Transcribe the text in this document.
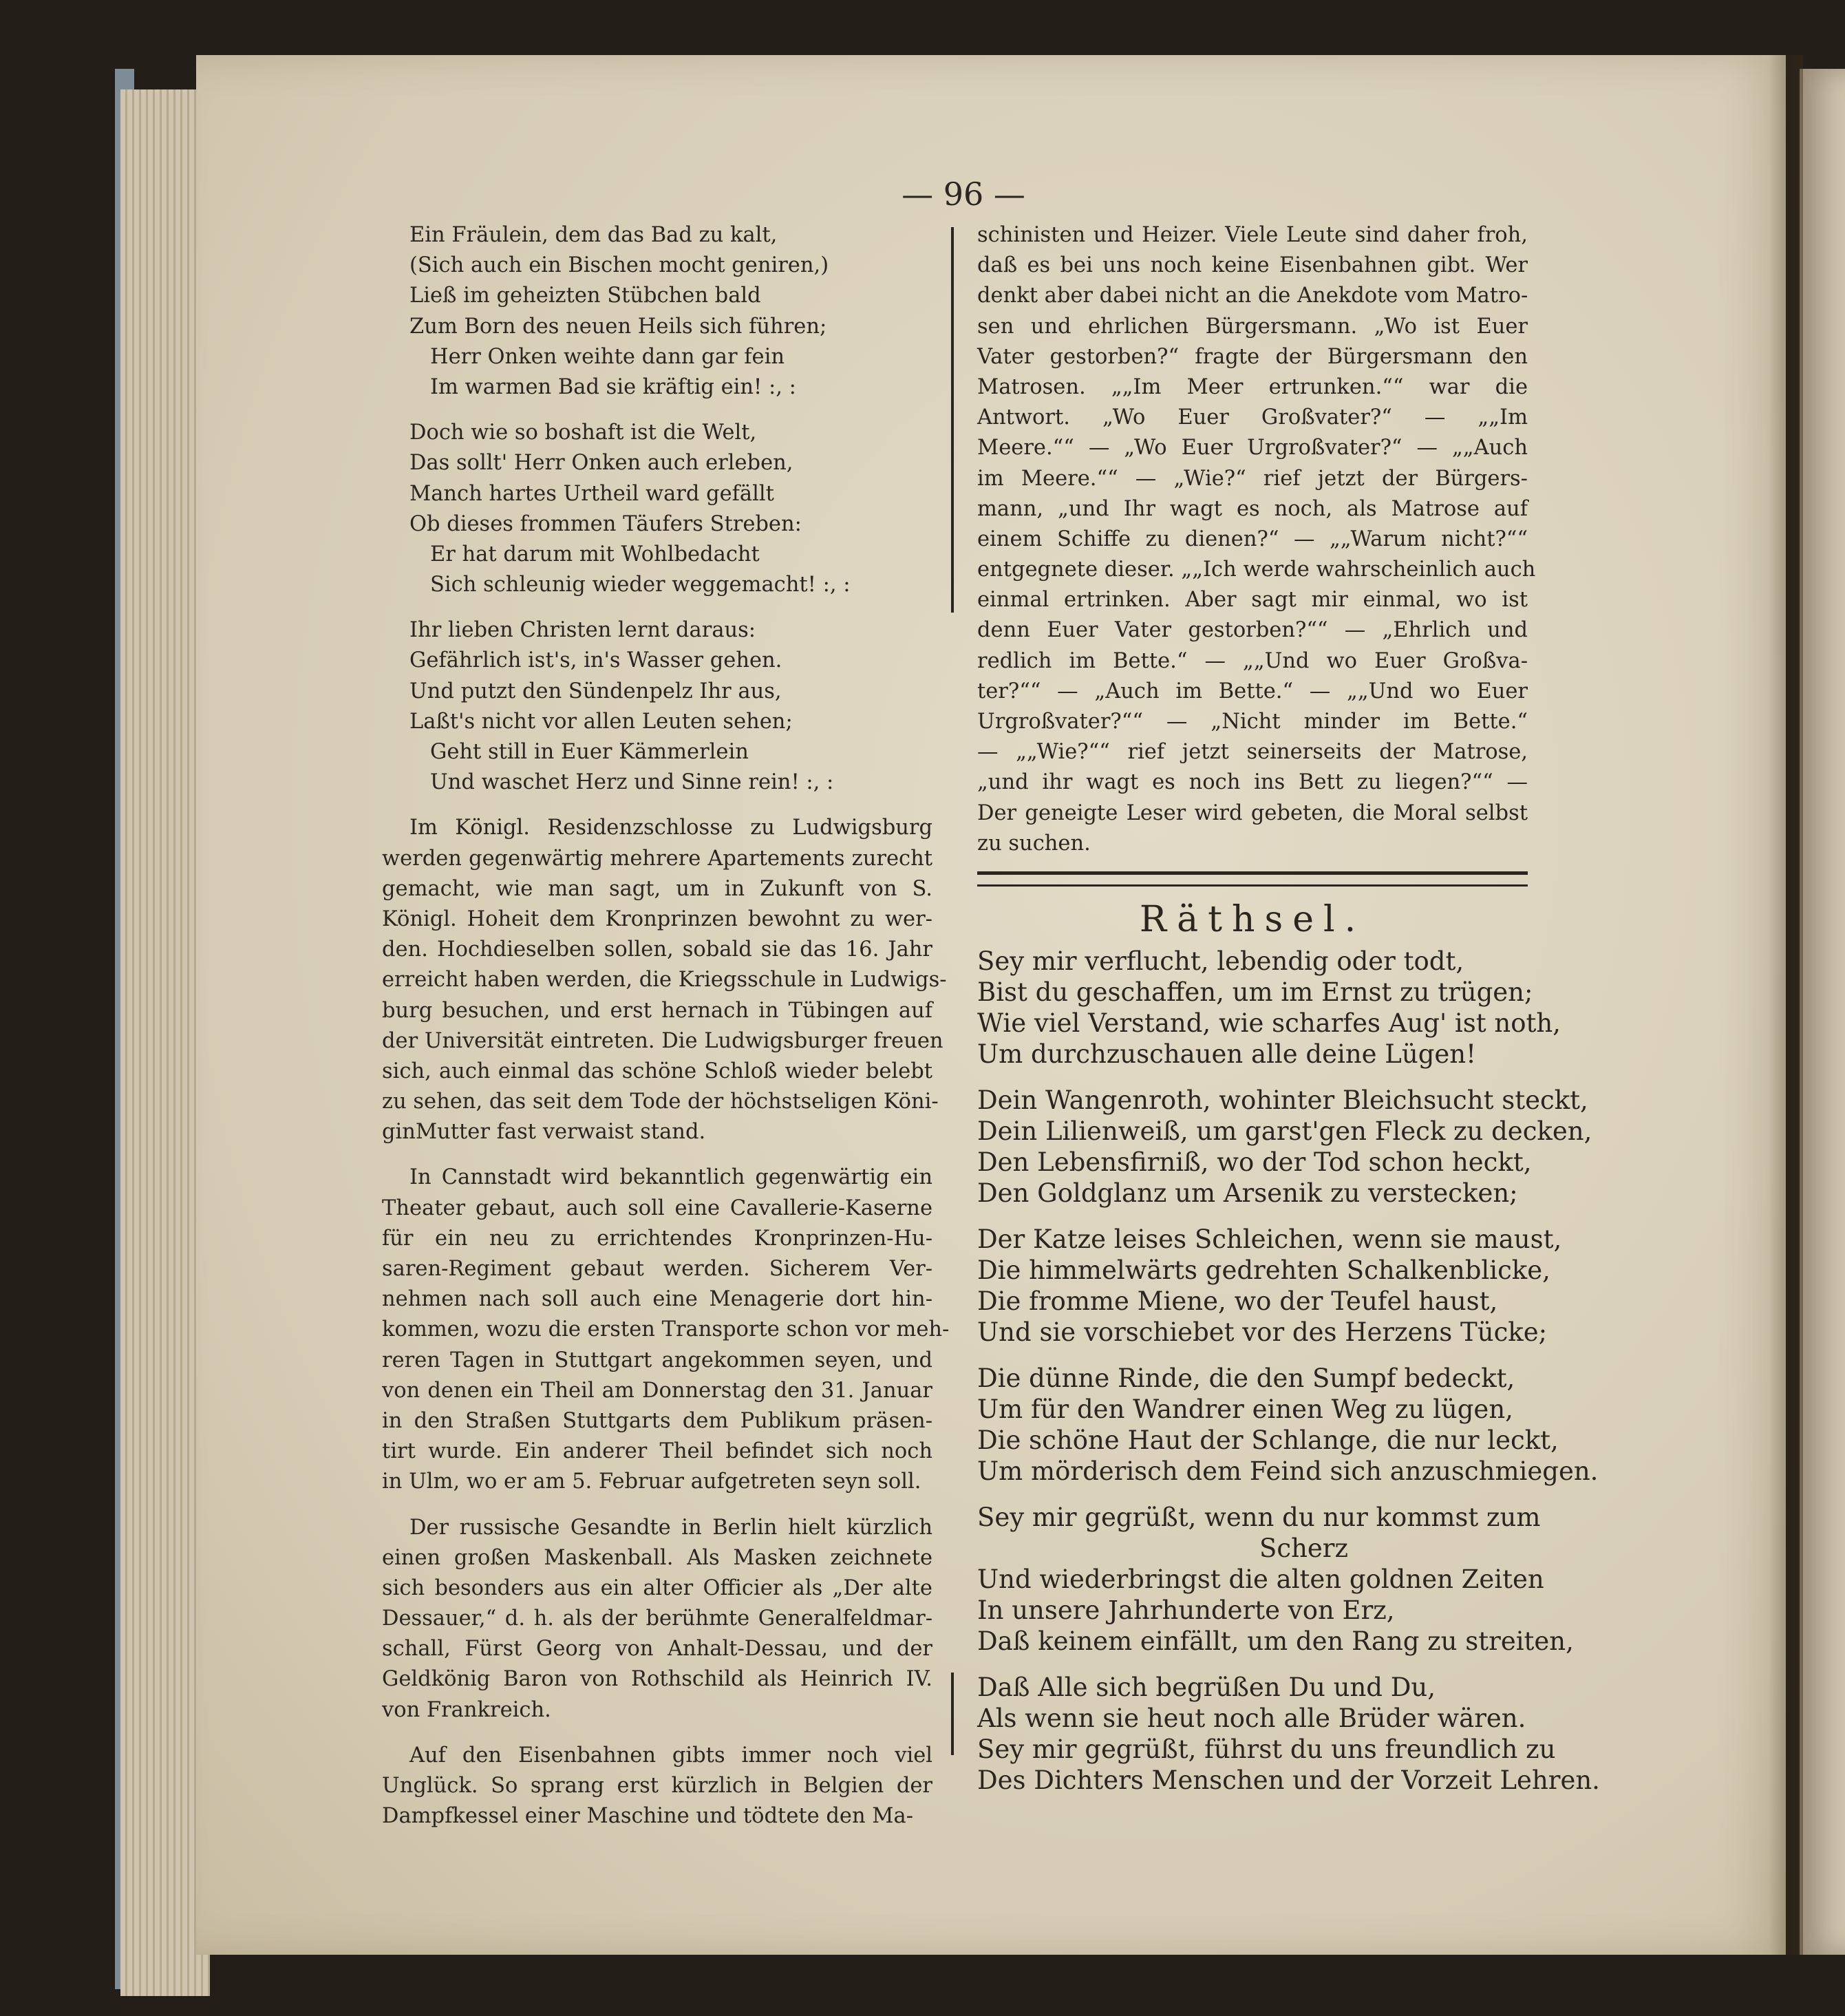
— 96 —
Ein Fräulein, dem das Bad zu kalt,
(Sich auch ein Bischen mocht geniren,)
Ließ im geheizten Stübchen bald
Zum Born des neuen Heils sich führen;
Herr Onken weihte dann gar fein
Im warmen Bad sie kräftig ein! :, :
Doch wie so boshaft ist die Welt,
Das sollt' Herr Onken auch erleben,
Manch hartes Urtheil ward gefällt
Ob dieses frommen Täufers Streben:
Er hat darum mit Wohlbedacht
Sich schleunig wieder weggemacht! :, :
Ihr lieben Christen lernt daraus:
Gefährlich ist's, in's Wasser gehen.
Und putzt den Sündenpelz Ihr aus,
Laßt's nicht vor allen Leuten sehen;
Geht still in Euer Kämmerlein
Und waschet Herz und Sinne rein! :, :
Im Königl. Residenzschlosse zu Ludwigsburg
werden gegenwärtig mehrere Apartements zurecht
gemacht, wie man sagt, um in Zukunft von S.
Königl. Hoheit dem Kronprinzen bewohnt zu wer-
den. Hochdieselben sollen, sobald sie das 16. Jahr
erreicht haben werden, die Kriegsschule in Ludwigs-
burg besuchen, und erst hernach in Tübingen auf
der Universität eintreten. Die Ludwigsburger freuen
sich, auch einmal das schöne Schloß wieder belebt
zu sehen, das seit dem Tode der höchstseligen Köni-
ginMutter fast verwaist stand.
In Cannstadt wird bekanntlich gegenwärtig ein
Theater gebaut, auch soll eine Cavallerie-Kaserne
für ein neu zu errichtendes Kronprinzen-Hu-
saren-Regiment gebaut werden. Sicherem Ver-
nehmen nach soll auch eine Menagerie dort hin-
kommen, wozu die ersten Transporte schon vor meh-
reren Tagen in Stuttgart angekommen seyen, und
von denen ein Theil am Donnerstag den 31. Januar
in den Straßen Stuttgarts dem Publikum präsen-
tirt wurde. Ein anderer Theil befindet sich noch
in Ulm, wo er am 5. Februar aufgetreten seyn soll.
Der russische Gesandte in Berlin hielt kürzlich
einen großen Maskenball. Als Masken zeichnete
sich besonders aus ein alter Officier als „Der alte
Dessauer,“ d. h. als der berühmte Generalfeldmar-
schall, Fürst Georg von Anhalt-Dessau, und der
Geldkönig Baron von Rothschild als Heinrich IV.
von Frankreich.
Auf den Eisenbahnen gibts immer noch viel
Unglück. So sprang erst kürzlich in Belgien der
Dampfkessel einer Maschine und tödtete den Ma-
schinisten und Heizer. Viele Leute sind daher froh,
daß es bei uns noch keine Eisenbahnen gibt. Wer
denkt aber dabei nicht an die Anekdote vom Matro-
sen und ehrlichen Bürgersmann. „Wo ist Euer
Vater gestorben?“ fragte der Bürgersmann den
Matrosen. „„Im Meer ertrunken.““ war die
Antwort. „Wo Euer Großvater?“ — „„Im
Meere.““ — „Wo Euer Urgroßvater?“ — „„Auch
im Meere.““ — „Wie?“ rief jetzt der Bürgers-
mann, „und Ihr wagt es noch, als Matrose auf
einem Schiffe zu dienen?“ — „„Warum nicht?““
entgegnete dieser. „„Ich werde wahrscheinlich auch
einmal ertrinken. Aber sagt mir einmal, wo ist
denn Euer Vater gestorben?““ — „Ehrlich und
redlich im Bette.“ — „„Und wo Euer Großva-
ter?““ — „Auch im Bette.“ — „„Und wo Euer
Urgroßvater?““ — „Nicht minder im Bette.“
— „„Wie?““ rief jetzt seinerseits der Matrose,
„und ihr wagt es noch ins Bett zu liegen?““ —
Der geneigte Leser wird gebeten, die Moral selbst
zu suchen.
Räthsel.
Sey mir verflucht, lebendig oder todt,
Bist du geschaffen, um im Ernst zu trügen;
Wie viel Verstand, wie scharfes Aug' ist noth,
Um durchzuschauen alle deine Lügen!
Dein Wangenroth, wohinter Bleichsucht steckt,
Dein Lilienweiß, um garst'gen Fleck zu decken,
Den Lebensfirniß, wo der Tod schon heckt,
Den Goldglanz um Arsenik zu verstecken;
Der Katze leises Schleichen, wenn sie maust,
Die himmelwärts gedrehten Schalkenblicke,
Die fromme Miene, wo der Teufel haust,
Und sie vorschiebet vor des Herzens Tücke;
Die dünne Rinde, die den Sumpf bedeckt,
Um für den Wandrer einen Weg zu lügen,
Die schöne Haut der Schlange, die nur leckt,
Um mörderisch dem Feind sich anzuschmiegen.
Sey mir gegrüßt, wenn du nur kommst zum
Scherz
Und wiederbringst die alten goldnen Zeiten
In unsere Jahrhunderte von Erz,
Daß keinem einfällt, um den Rang zu streiten,
Daß Alle sich begrüßen Du und Du,
Als wenn sie heut noch alle Brüder wären.
Sey mir gegrüßt, führst du uns freundlich zu
Des Dichters Menschen und der Vorzeit Lehren.
